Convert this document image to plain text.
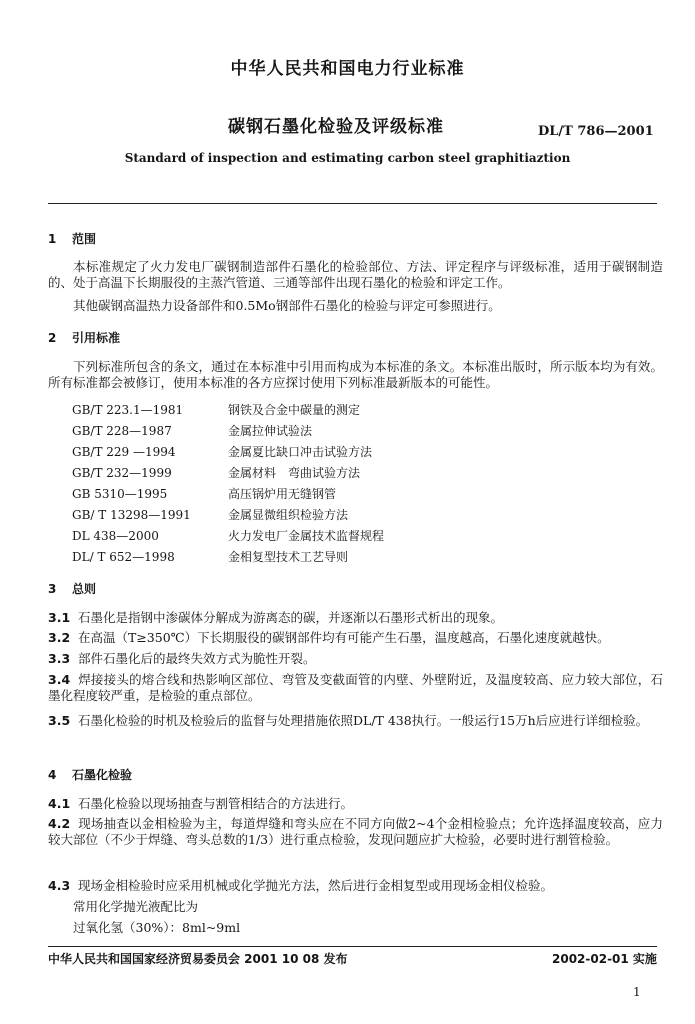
中华人民共和国电力行业标准
碳钢石墨化检验及评级标准	DL/T 786—2001
Standard of inspection and estimating carbon steel graphitiaztion
1 范围
本标准规定了火力发电厂碳钢制造部件石墨化的检验部位、方法、评定程序与评级标准，适用于碳钢制造的、处于高温下长期服役的主蒸汽管道、三通等部件出现石墨化的检验和评定工作。
其他碳钢高温热力设备部件和0.5Mo钢部件石墨化的检验与评定可参照进行。
2 引用标准
下列标准所包含的条文，通过在本标准中引用而构成为本标准的条文。本标准出版时，所示版本均为有效。所有标准都会被修订，使用本标准的各方应探讨使用下列标准最新版本的可能性。
GB/T 223.1—1981	钢铁及合金中碳量的测定
GB/T 228—1987	金属拉伸试验法
GB/T 229 —1994	金属夏比缺口冲击试验方法
GB/T 232—1999	金属材料　弯曲试验方法
GB 5310—1995	高压锅炉用无缝钢管
GB/ T 13298—1991	金属显微组织检验方法
DL 438—2000	火力发电厂金属技术监督规程
DL/ T 652—1998	金相复型技术工艺导则
3 总则
3.1 石墨化是指钢中渗碳体分解成为游离态的碳，并逐渐以石墨形式析出的现象。
3.2 在高温（T≥350℃）下长期服役的碳钢部件均有可能产生石墨，温度越高，石墨化速度就越快。
3.3 部件石墨化后的最终失效方式为脆性开裂。
3.4 焊接接头的熔合线和热影响区部位、弯管及变截面管的内壁、外壁附近，及温度较高、应力较大部位，石墨化程度较严重，是检验的重点部位。
3.5 石墨化检验的时机及检验后的监督与处理措施依照DL/T 438执行。一般运行15万h后应进行详细检验。
4 石墨化检验
4.1 石墨化检验以现场抽查与割管相结合的方法进行。
4.2 现场抽查以金相检验为主，每道焊缝和弯头应在不同方向做2~4个金相检验点；允许选择温度较高，应力较大部位（不少于焊缝、弯头总数的1/3）进行重点检验，发现问题应扩大检验，必要时进行割管检验。
4.3 现场金相检验时应采用机械或化学抛光方法，然后进行金相复型或用现场金相仪检验。
常用化学抛光液配比为
过氧化氢（30%）：8ml~9ml
中华人民共和国国家经济贸易委员会 2001 10 08 发布	2002-02-01 实施
1
